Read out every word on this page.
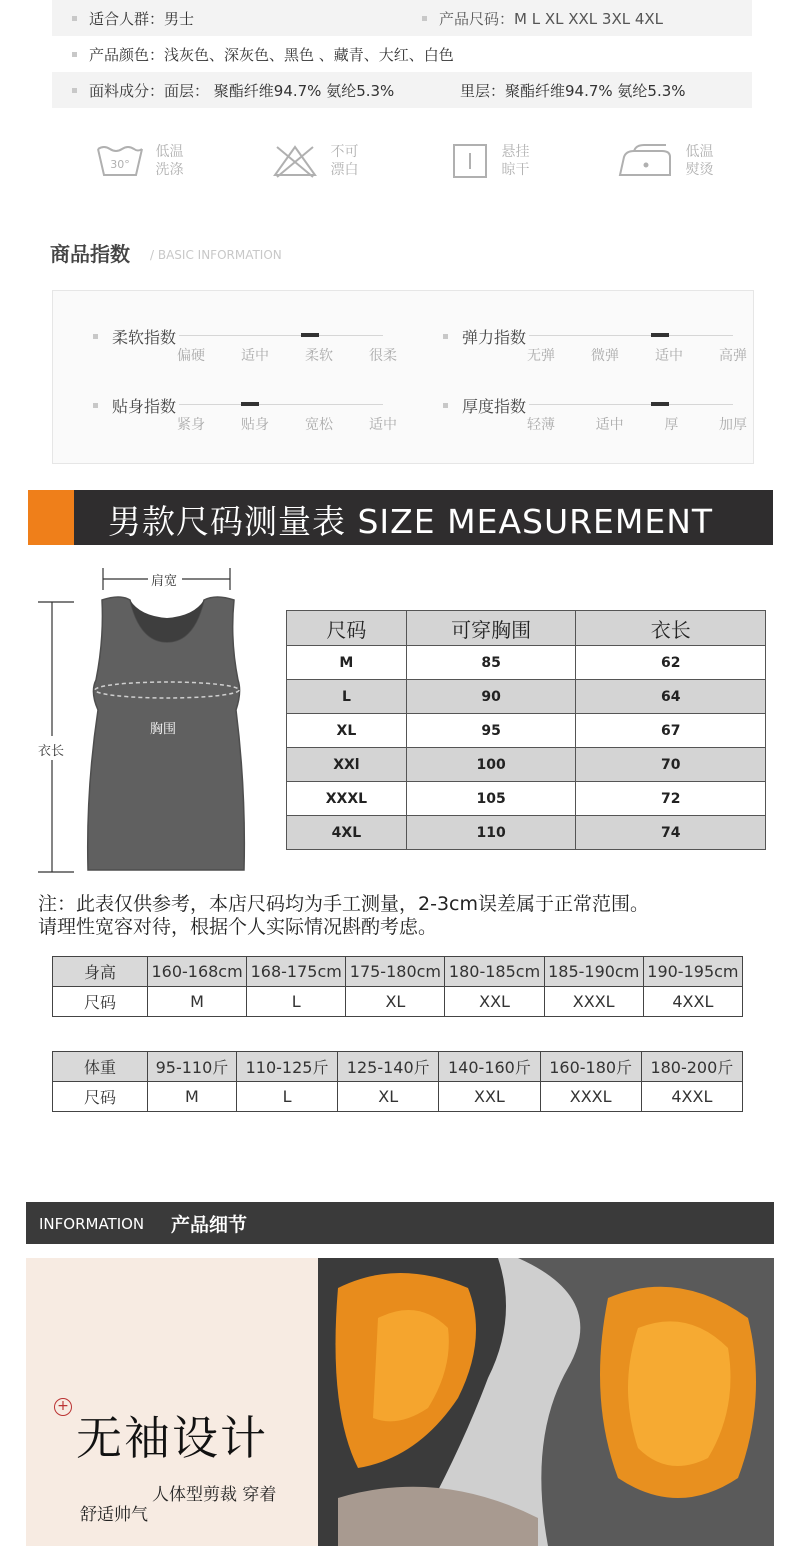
适合人群：男士	产品尺码：M L XL XXL 3XL 4XL
产品颜色：浅灰色、深灰色、黑色 、藏青、大红、白色
面料成分：面层： 聚酯纤维94.7% 氨纶5.3%	里层：聚酯纤维94.7% 氨纶5.3%
30°
低温
洗涤
不可
漂白
悬挂
晾干
低温
熨烫
商品指数 / BASIC INFORMATION
柔软指数
偏硬	适中	柔软	很柔
弹力指数
无弹	微弹	适中	高弹
贴身指数
紧身	贴身	宽松	适中
厚度指数
轻薄	适中	厚	加厚
男款尺码测量表 SIZE MEASUREMENT
肩宽
胸围
衣长
尺码	可穿胸围	衣长
M	85	62
L	90	64
XL	95	67
XXl	100	70
XXXL	105	72
4XL	110	74
注：此表仅供参考，本店尺码均为手工测量，2-3cm误差属于正常范围。
请理性宽容对待，根据个人实际情况斟酌考虑。
身高	160-168cm	168-175cm	175-180cm	180-185cm	185-190cm	190-195cm
尺码	M	L	XL	XXL	XXXL	4XXL
体重	95-110斤	110-125斤	125-140斤	140-160斤	160-180斤	180-200斤
尺码	M	L	XL	XXL	XXXL	4XXL
INFORMATION 产品细节
+
无袖设计
人体型剪裁 穿着
舒适帅气
